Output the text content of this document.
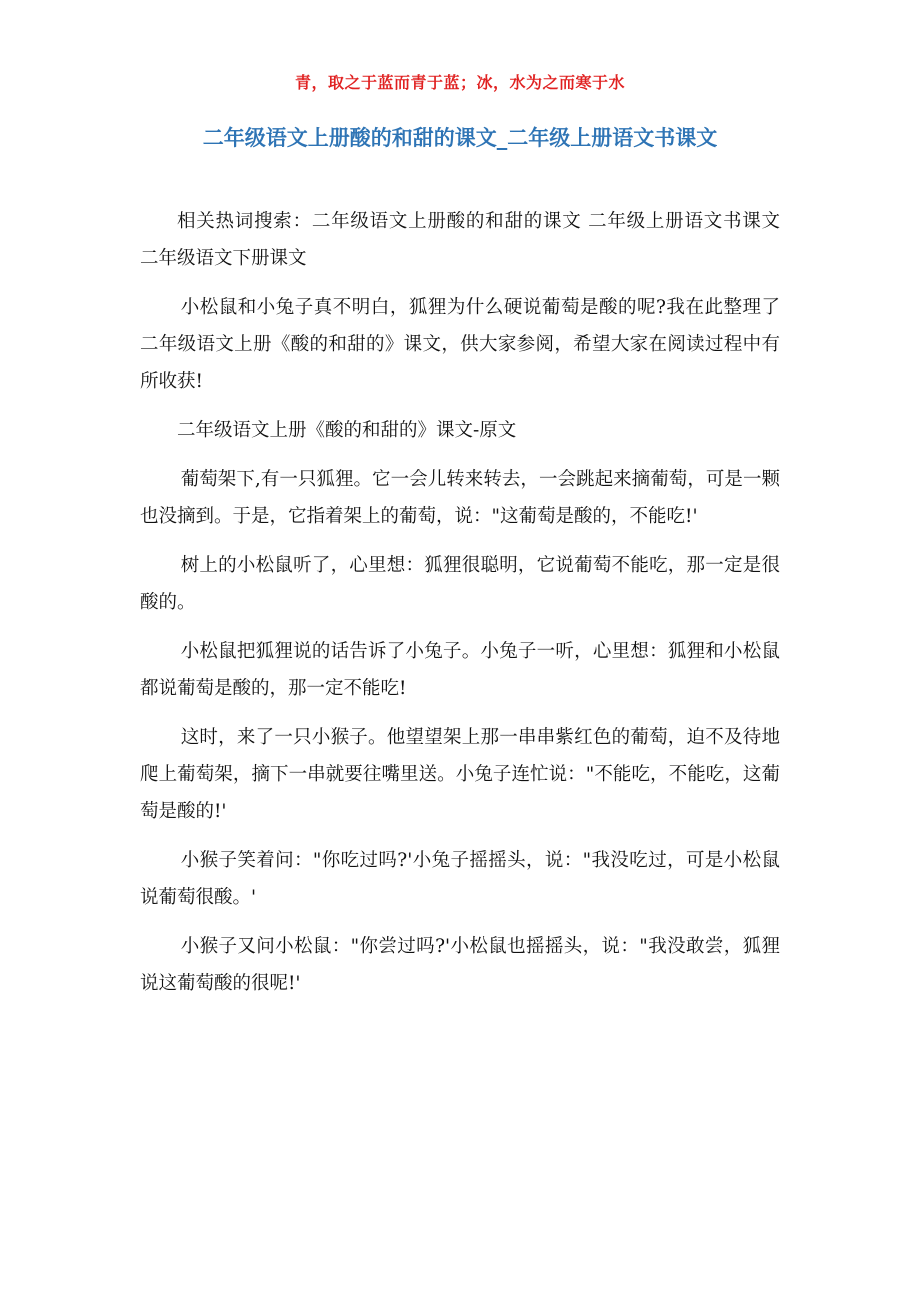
青，取之于蓝而青于蓝；冰，水为之而寒于水
二年级语文上册酸的和甜的课文_二年级上册语文书课文

相关热词搜索：二年级语文上册酸的和甜的课文 二年级上册语文书课文 二年级语文下册课文

小松鼠和小兔子真不明白，狐狸为什么硬说葡萄是酸的呢?我在此整理了二年级语文上册《酸的和甜的》课文，供大家参阅，希望大家在阅读过程中有所收获!

二年级语文上册《酸的和甜的》课文-原文

葡萄架下,有一只狐狸。它一会儿转来转去，一会跳起来摘葡萄，可是一颗也没摘到。于是，它指着架上的葡萄，说："这葡萄是酸的，不能吃!'

树上的小松鼠听了，心里想：狐狸很聪明，它说葡萄不能吃，那一定是很酸的。

小松鼠把狐狸说的话告诉了小兔子。小兔子一听，心里想：狐狸和小松鼠都说葡萄是酸的，那一定不能吃!

这时，来了一只小猴子。他望望架上那一串串紫红色的葡萄，迫不及待地爬上葡萄架，摘下一串就要往嘴里送。小兔子连忙说："不能吃，不能吃，这葡萄是酸的!'

小猴子笑着问："你吃过吗?'小兔子摇摇头，说："我没吃过，可是小松鼠说葡萄很酸。'

小猴子又问小松鼠："你尝过吗?'小松鼠也摇摇头，说："我没敢尝，狐狸说这葡萄酸的很呢!'
